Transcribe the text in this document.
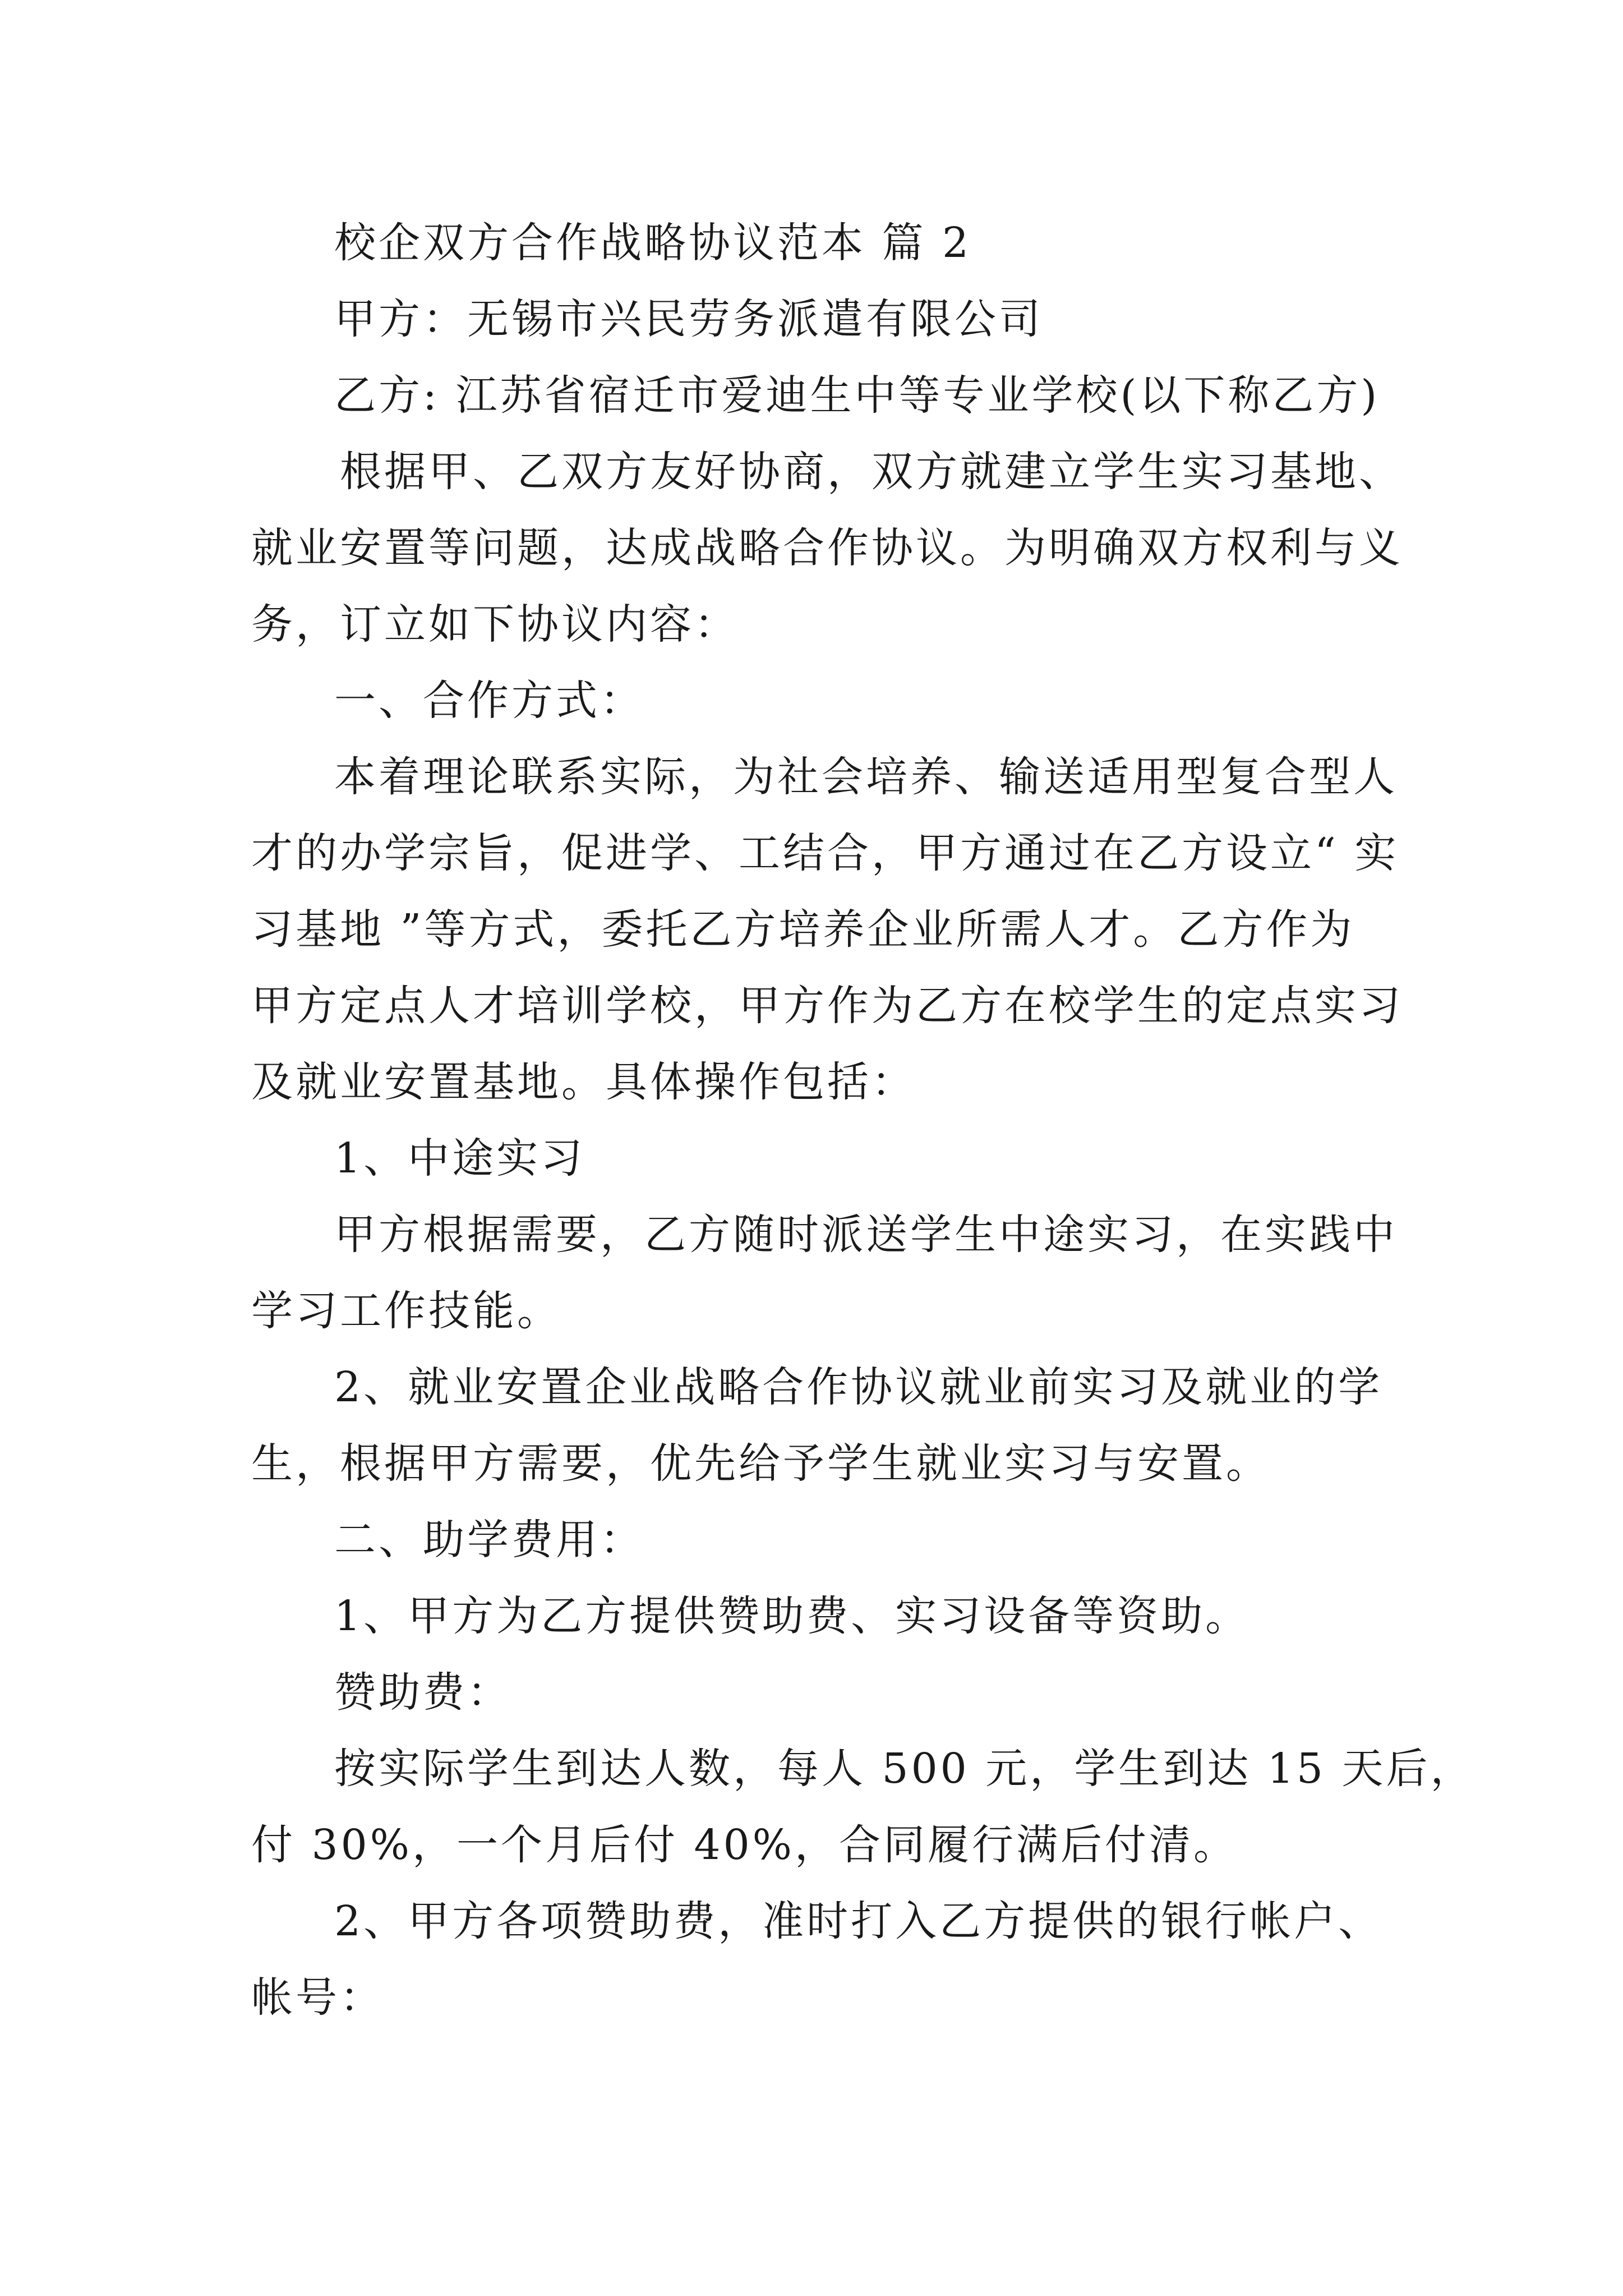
校企双方合作战略协议范本 篇 2
甲方：无锡市兴民劳务派遣有限公司
乙方: 江苏省宿迁市爱迪生中等专业学校(以下称乙方)
根据甲、乙双方友好协商，双方就建立学生实习基地、
就业安置等问题，达成战略合作协议。为明确双方权利与义
务，订立如下协议内容：
一、合作方式：
本着理论联系实际，为社会培养、输送适用型复合型人
才的办学宗旨，促进学、工结合，甲方通过在乙方设立“ 实
习基地 ”等方式，委托乙方培养企业所需人才。乙方作为
甲方定点人才培训学校，甲方作为乙方在校学生的定点实习
及就业安置基地。具体操作包括：
1、中途实习
甲方根据需要，乙方随时派送学生中途实习，在实践中
学习工作技能。
2、就业安置企业战略合作协议就业前实习及就业的学
生，根据甲方需要，优先给予学生就业实习与安置。
二、助学费用：
1、甲方为乙方提供赞助费、实习设备等资助。
赞助费：
按实际学生到达人数，每人 500 元，学生到达 15 天后，
付 30%，一个月后付 40%，合同履行满后付清。
2、甲方各项赞助费，准时打入乙方提供的银行帐户、
帐号：
